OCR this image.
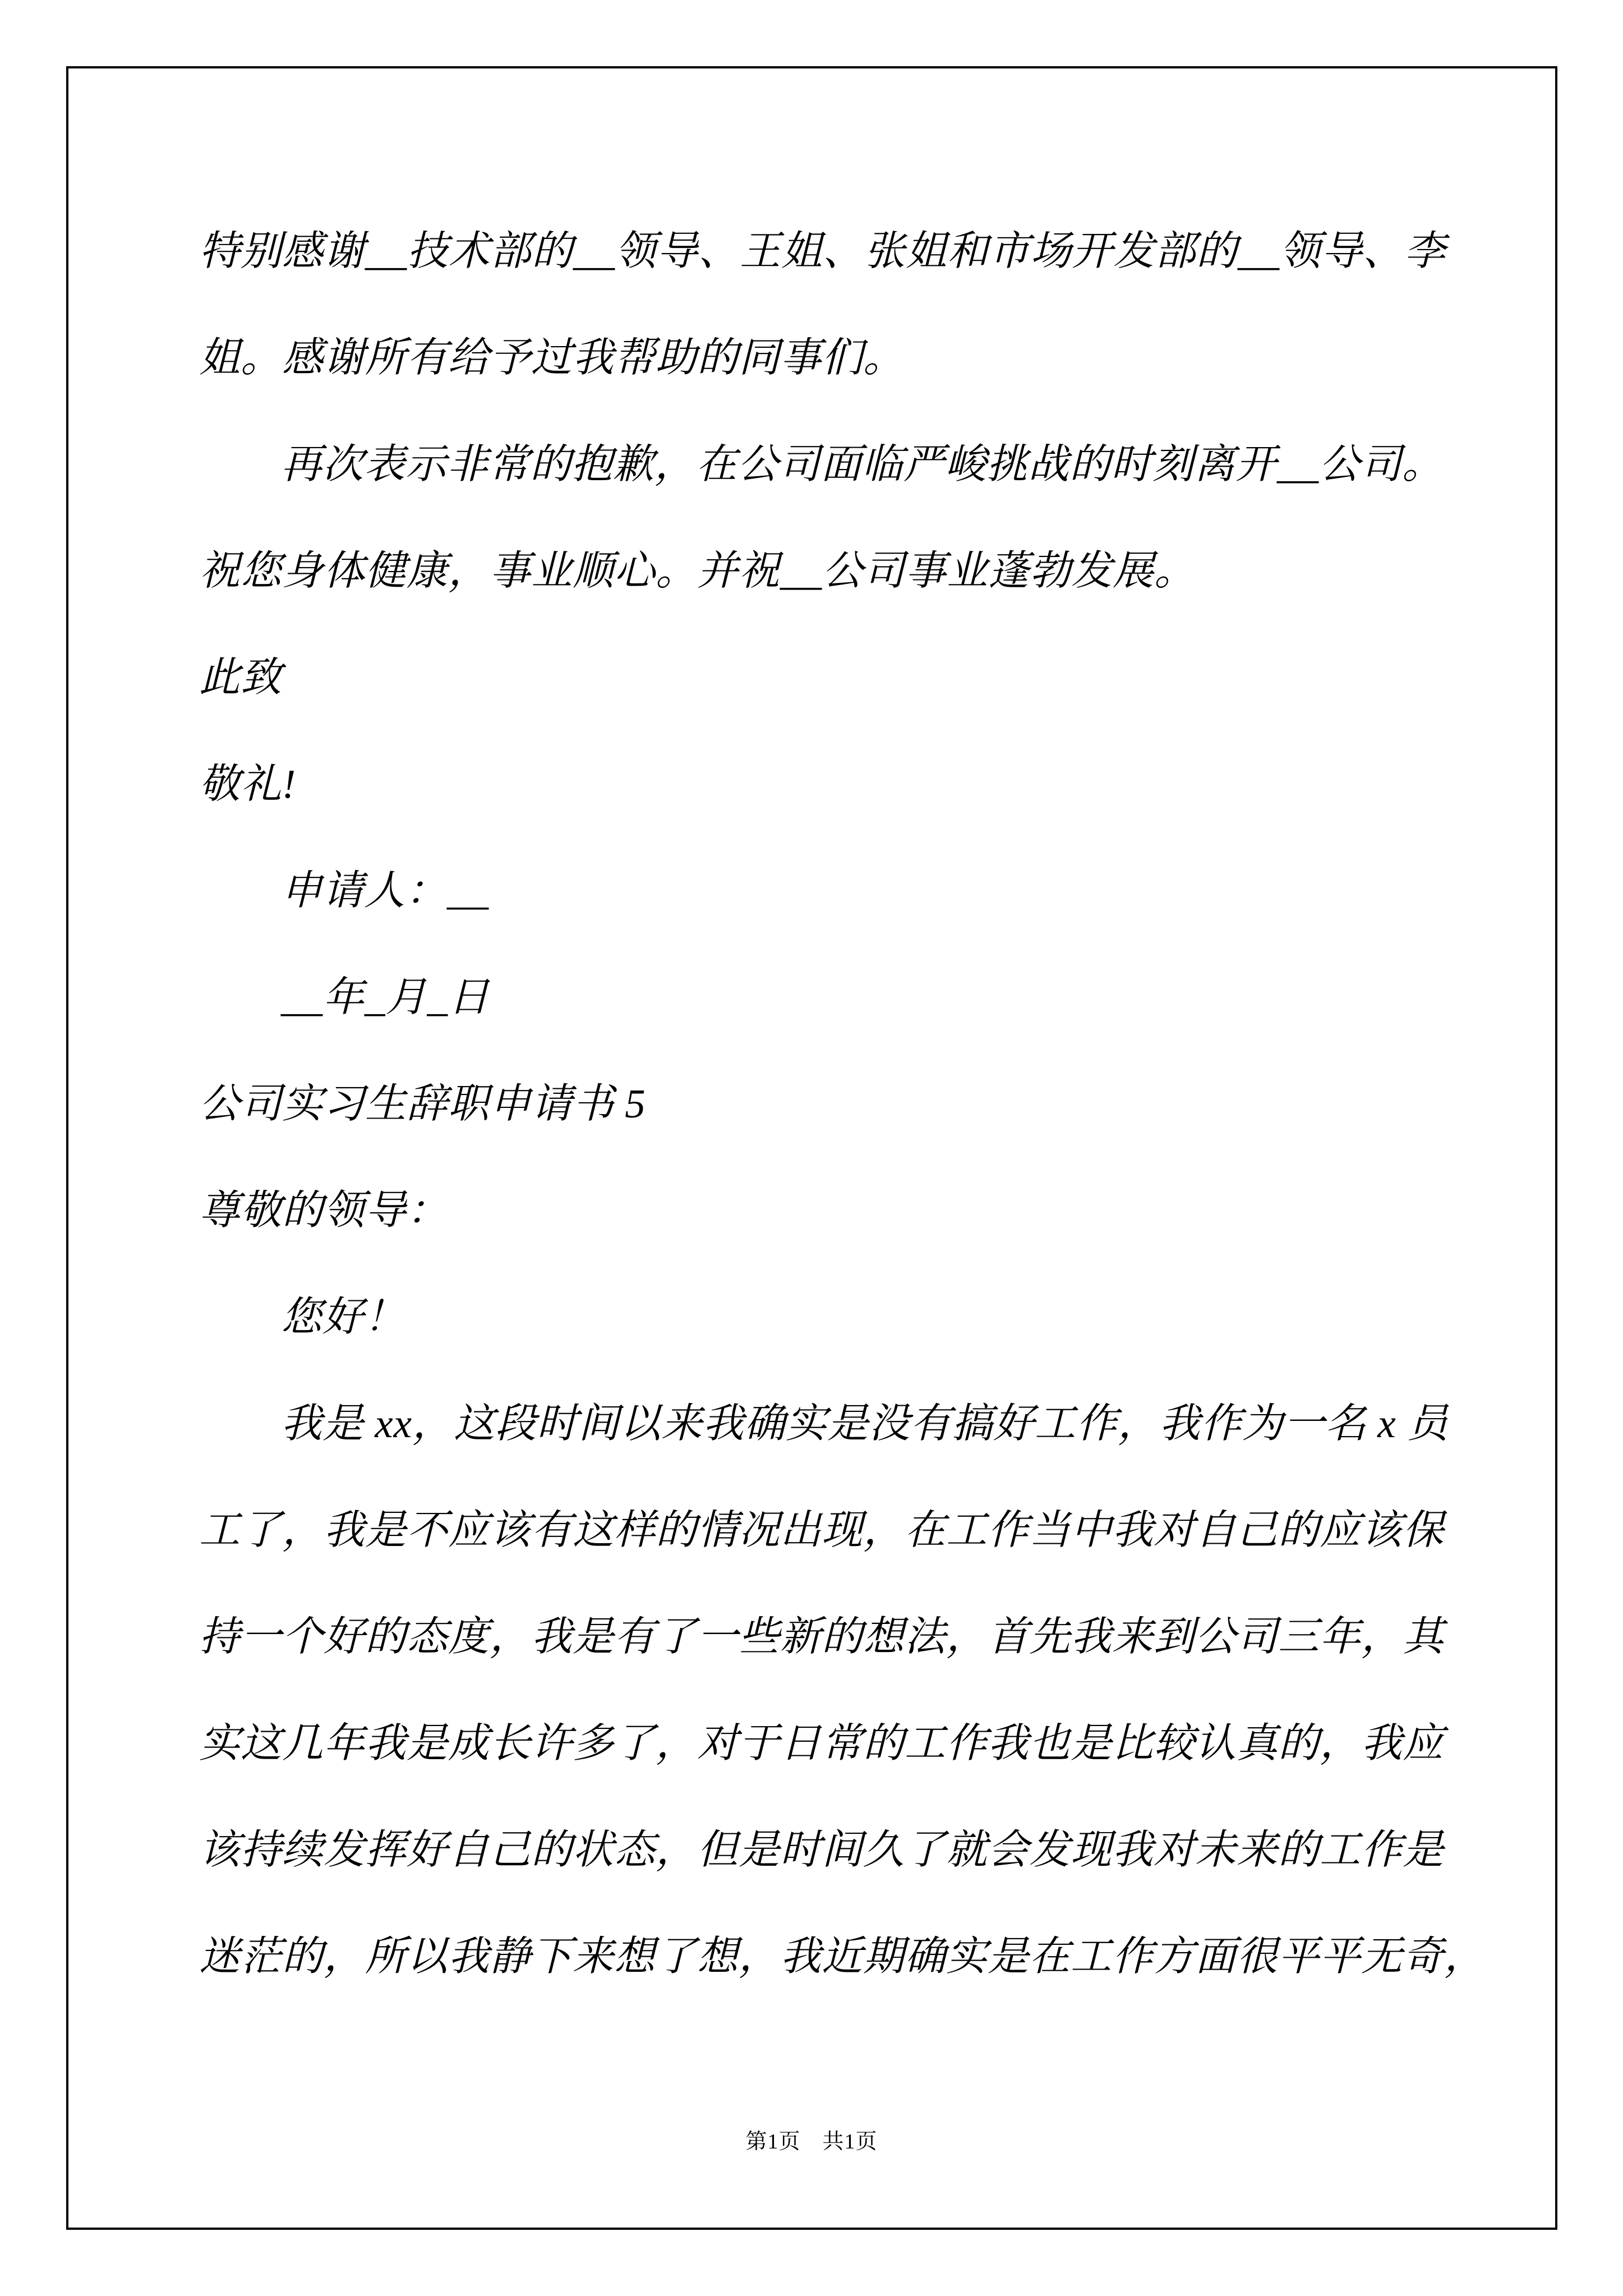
特别感谢__技术部的__领导、王姐、张姐和市场开发部的__领导、李
姐。感谢所有给予过我帮助的同事们。
再次表示非常的抱歉，在公司面临严峻挑战的时刻离开__公司。
祝您身体健康，事业顺心。并祝__公司事业蓬勃发展。
此致
敬礼!
申请人：__
__年_月_日
公司实习生辞职申请书 5
尊敬的领导：
您好！
我是 xx，这段时间以来我确实是没有搞好工作，我作为一名 x 员
工了，我是不应该有这样的情况出现，在工作当中我对自己的应该保
持一个好的态度，我是有了一些新的想法，首先我来到公司三年，其
实这几年我是成长许多了，对于日常的工作我也是比较认真的，我应
该持续发挥好自己的状态，但是时间久了就会发现我对未来的工作是
迷茫的，所以我静下来想了想，我近期确实是在工作方面很平平无奇，
第1页　共1页
